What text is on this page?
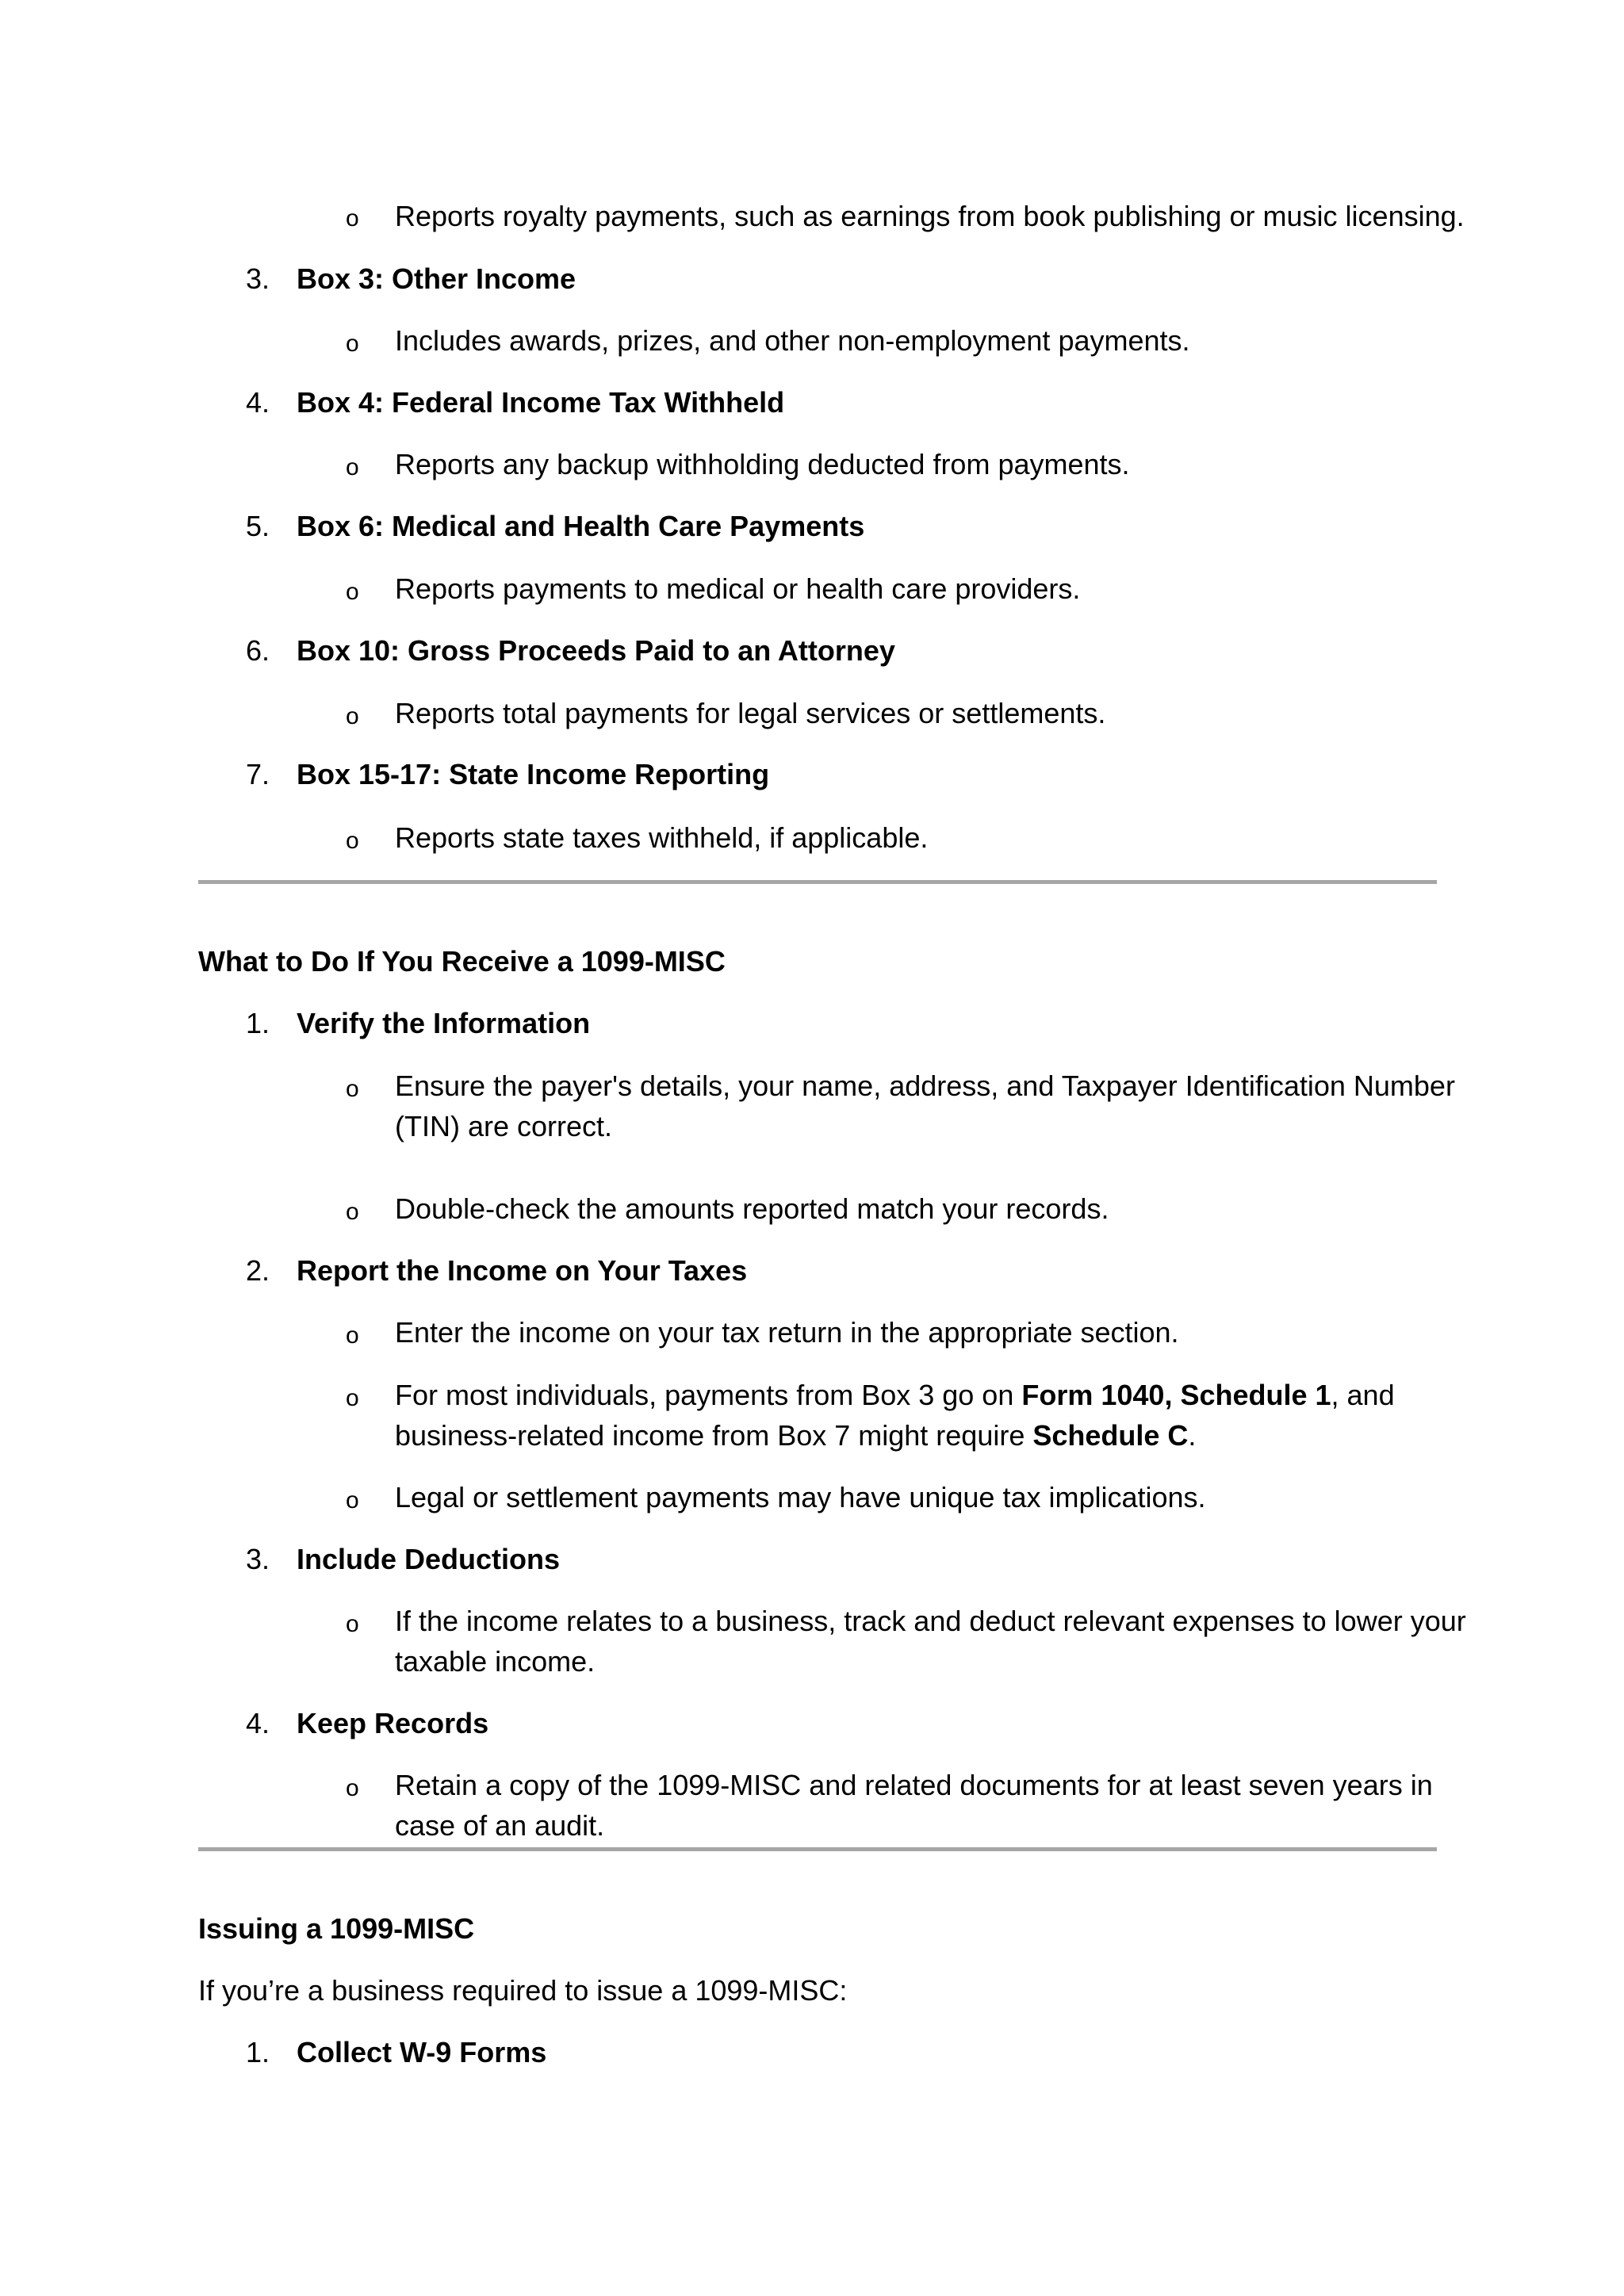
o Reports royalty payments, such as earnings from book publishing or music licensing.
3. Box 3: Other Income
o Includes awards, prizes, and other non-employment payments.
4. Box 4: Federal Income Tax Withheld
o Reports any backup withholding deducted from payments.
5. Box 6: Medical and Health Care Payments
o Reports payments to medical or health care providers.
6. Box 10: Gross Proceeds Paid to an Attorney
o Reports total payments for legal services or settlements.
7. Box 15-17: State Income Reporting
o Reports state taxes withheld, if applicable.
What to Do If You Receive a 1099-MISC
1. Verify the Information
o Ensure the payer's details, your name, address, and Taxpayer Identification Number
(TIN) are correct.
o Double-check the amounts reported match your records.
2. Report the Income on Your Taxes
o Enter the income on your tax return in the appropriate section.
o For most individuals, payments from Box 3 go on Form 1040, Schedule 1, and
business-related income from Box 7 might require Schedule C.
o Legal or settlement payments may have unique tax implications.
3. Include Deductions
o If the income relates to a business, track and deduct relevant expenses to lower your
taxable income.
4. Keep Records
o Retain a copy of the 1099-MISC and related documents for at least seven years in
case of an audit.
Issuing a 1099-MISC
If you’re a business required to issue a 1099-MISC:
1. Collect W-9 Forms
